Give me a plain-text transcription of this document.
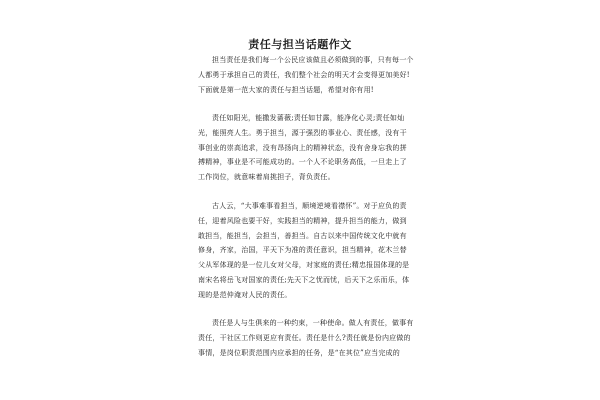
责任与担当话题作文
担当责任是我们每一个公民应该做且必须做到的事，只有每一个
人都勇于承担自己的责任，我们整个社会的明天才会变得更加美好!
下面就是第一范大家的责任与担当话题，希望对你有用!
责任如阳光，能撒发蔷薇;责任如甘露，能净化心灵;责任如灿
光，能照亮人生。勇于担当，源于强烈的事业心、责任感，没有干
事创业的崇高追求，没有昂扬向上的精神状态，没有舍身忘我的拼
搏精神，事业是不可能成功的。一个人不论职务高低，一旦走上了
工作岗位，就意味着肩挑担子，背负责任。
古人云，“大事难事看担当，顺境逆境看襟怀”。对于应负的责
任，迎着风险也要干好，实践担当的精神，提升担当的能力，做到
敢担当，能担当，会担当，善担当。自古以来中国传统文化中就有
修身，齐家，治国，平天下为准的责任意识，担当精神，花木兰替
父从军体现的是一位儿女对父母，对家庭的责任;精忠报国体现的是
南宋名将岳飞对国家的责任;先天下之忧而忧，后天下之乐而乐，体
现的是范仲淹对人民的责任。
责任是人与生俱来的一种约束，一种使命。做人有责任，做事有
责任，干社区工作则更应有责任。责任是什么?责任就是份内应做的
事情，是岗位职责范围内应承担的任务，是“在其位”应当完成的
